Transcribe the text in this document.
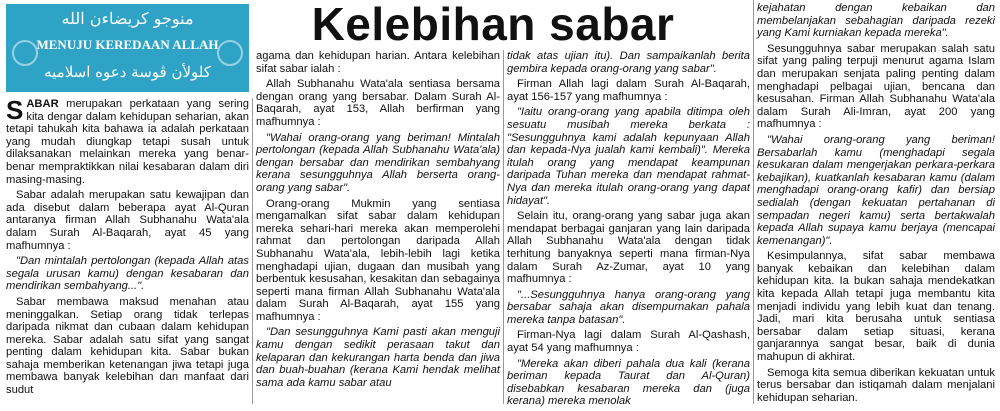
منوجو كريضاءن الله
MENUJU KEREDAAN ALLAH
كلولأن ڤوسة دعوه اسلاميه
Kelebihan sabar

SABAR merupakan perkataan yang sering kita dengar dalam kehidupan seharian, akan tetapi tahukah kita bahawa ia adalah perkataan yang mudah diungkap tetapi susah untuk dilaksanakan melainkan mereka yang benar-benar mempraktikkan nilai kesabaran dalam diri masing-masing.

Sabar adalah merupakan satu kewajipan dan ada disebut dalam beberapa ayat Al-Quran antaranya firman Allah Subhanahu Wata'ala dalam Surah Al-Baqarah, ayat 45 yang mafhumnya :

"Dan mintalah pertolongan (kepada Allah atas segala urusan kamu) dengan kesabaran dan mendirikan sembahyang...".

Sabar membawa maksud menahan atau meninggalkan. Setiap orang tidak terlepas daripada nikmat dan cubaan dalam kehidupan mereka. Sabar adalah satu sifat yang sangat penting dalam kehidupan kita. Sabar bukan sahaja memberikan ketenangan jiwa tetapi juga membawa banyak kelebihan dan manfaat dari sudut

agama dan kehidupan harian. Antara kelebihan sifat sabar ialah :

Allah Subhanahu Wata'ala sentiasa bersama dengan orang yang bersabar. Dalam Surah Al-Baqarah, ayat 153, Allah berfirman yang mafhumnya :

"Wahai orang-orang yang beriman! Mintalah pertolongan (kepada Allah Subhanahu Wata'ala) dengan bersabar dan mendirikan sembahyang kerana sesungguhnya Allah berserta orang-orang yang sabar".

Orang-orang Mukmin yang sentiasa mengamalkan sifat sabar dalam kehidupan mereka sehari-hari mereka akan memperolehi rahmat dan pertolongan daripada Allah Subhanahu Wata'ala, lebih-lebih lagi ketika menghadapi ujian, dugaan dan musibah yang berbentuk kesusahan, kesakitan dan sebagainya seperti mana firman Allah Subhanahu Wata'ala dalam Surah Al-Baqarah, ayat 155 yang mafhumnya :

"Dan sesungguhnya Kami pasti akan menguji kamu dengan sedikit perasaan takut dan kelaparan dan kekurangan harta benda dan jiwa dan buah-buahan (kerana Kami hendak melihat sama ada kamu sabar atau

tidak atas ujian itu). Dan sampaikanlah berita gembira kepada orang-orang yang sabar".

Firman Allah lagi dalam Surah Al-Baqarah, ayat 156-157 yang mafhumnya :

"Iaitu orang-orang yang apabila ditimpa oleh sesuatu musibah mereka berkata : "Sesungguhnya kami adalah kepunyaan Allah dan kepada-Nya jualah kami kembali)". Mereka itulah orang yang mendapat keampunan daripada Tuhan mereka dan mendapat rahmat-Nya dan mereka itulah orang-orang yang dapat hidayat".

Selain itu, orang-orang yang sabar juga akan mendapat berbagai ganjaran yang lain daripada Allah Subhanahu Wata'ala dengan tidak terhitung banyaknya seperti mana firman-Nya dalam Surah Az-Zumar, ayat 10 yang mafhumnya :

"...Sesungguhnya hanya orang-orang yang bersabar sahaja akan disempurnakan pahala mereka tanpa batasan".

Firman-Nya lagi dalam Surah Al-Qashash, ayat 54 yang mafhumnya :

"Mereka akan diberi pahala dua kali (kerana beriman kepada Taurat dan Al-Quran) disebabkan kesabaran mereka dan (juga kerana) mereka menolak

kejahatan dengan kebaikan dan membelanjakan sebahagian daripada rezeki yang Kami kurniakan kepada mereka".

Sesungguhnya sabar merupakan salah satu sifat yang paling terpuji menurut agama Islam dan merupakan senjata paling penting dalam menghadapi pelbagai ujian, bencana dan kesusahan. Firman Allah Subhanahu Wata'ala dalam Surah Ali-Imran, ayat 200 yang mafhumnya :

"Wahai orang-orang yang beriman! Bersabarlah kamu (menghadapi segala kesukaran dalam mengerjakan perkara-perkara kebajikan), kuatkanlah kesabaran kamu (dalam menghadapi orang-orang kafir) dan bersiap sedialah (dengan kekuatan pertahanan di sempadan negeri kamu) serta bertakwalah kepada Allah supaya kamu berjaya (mencapai kemenangan)".

Kesimpulannya, sifat sabar membawa banyak kebaikan dan kelebihan dalam kehidupan kita. Ia bukan sahaja mendekatkan kita kepada Allah tetapi juga membantu kita menjadi individu yang lebih kuat dan tenang. Jadi, mari kita berusaha untuk sentiasa bersabar dalam setiap situasi, kerana ganjarannya sangat besar, baik di dunia mahupun di akhirat.

Semoga kita semua diberikan kekuatan untuk terus bersabar dan istiqamah dalam menjalani kehidupan seharian.
